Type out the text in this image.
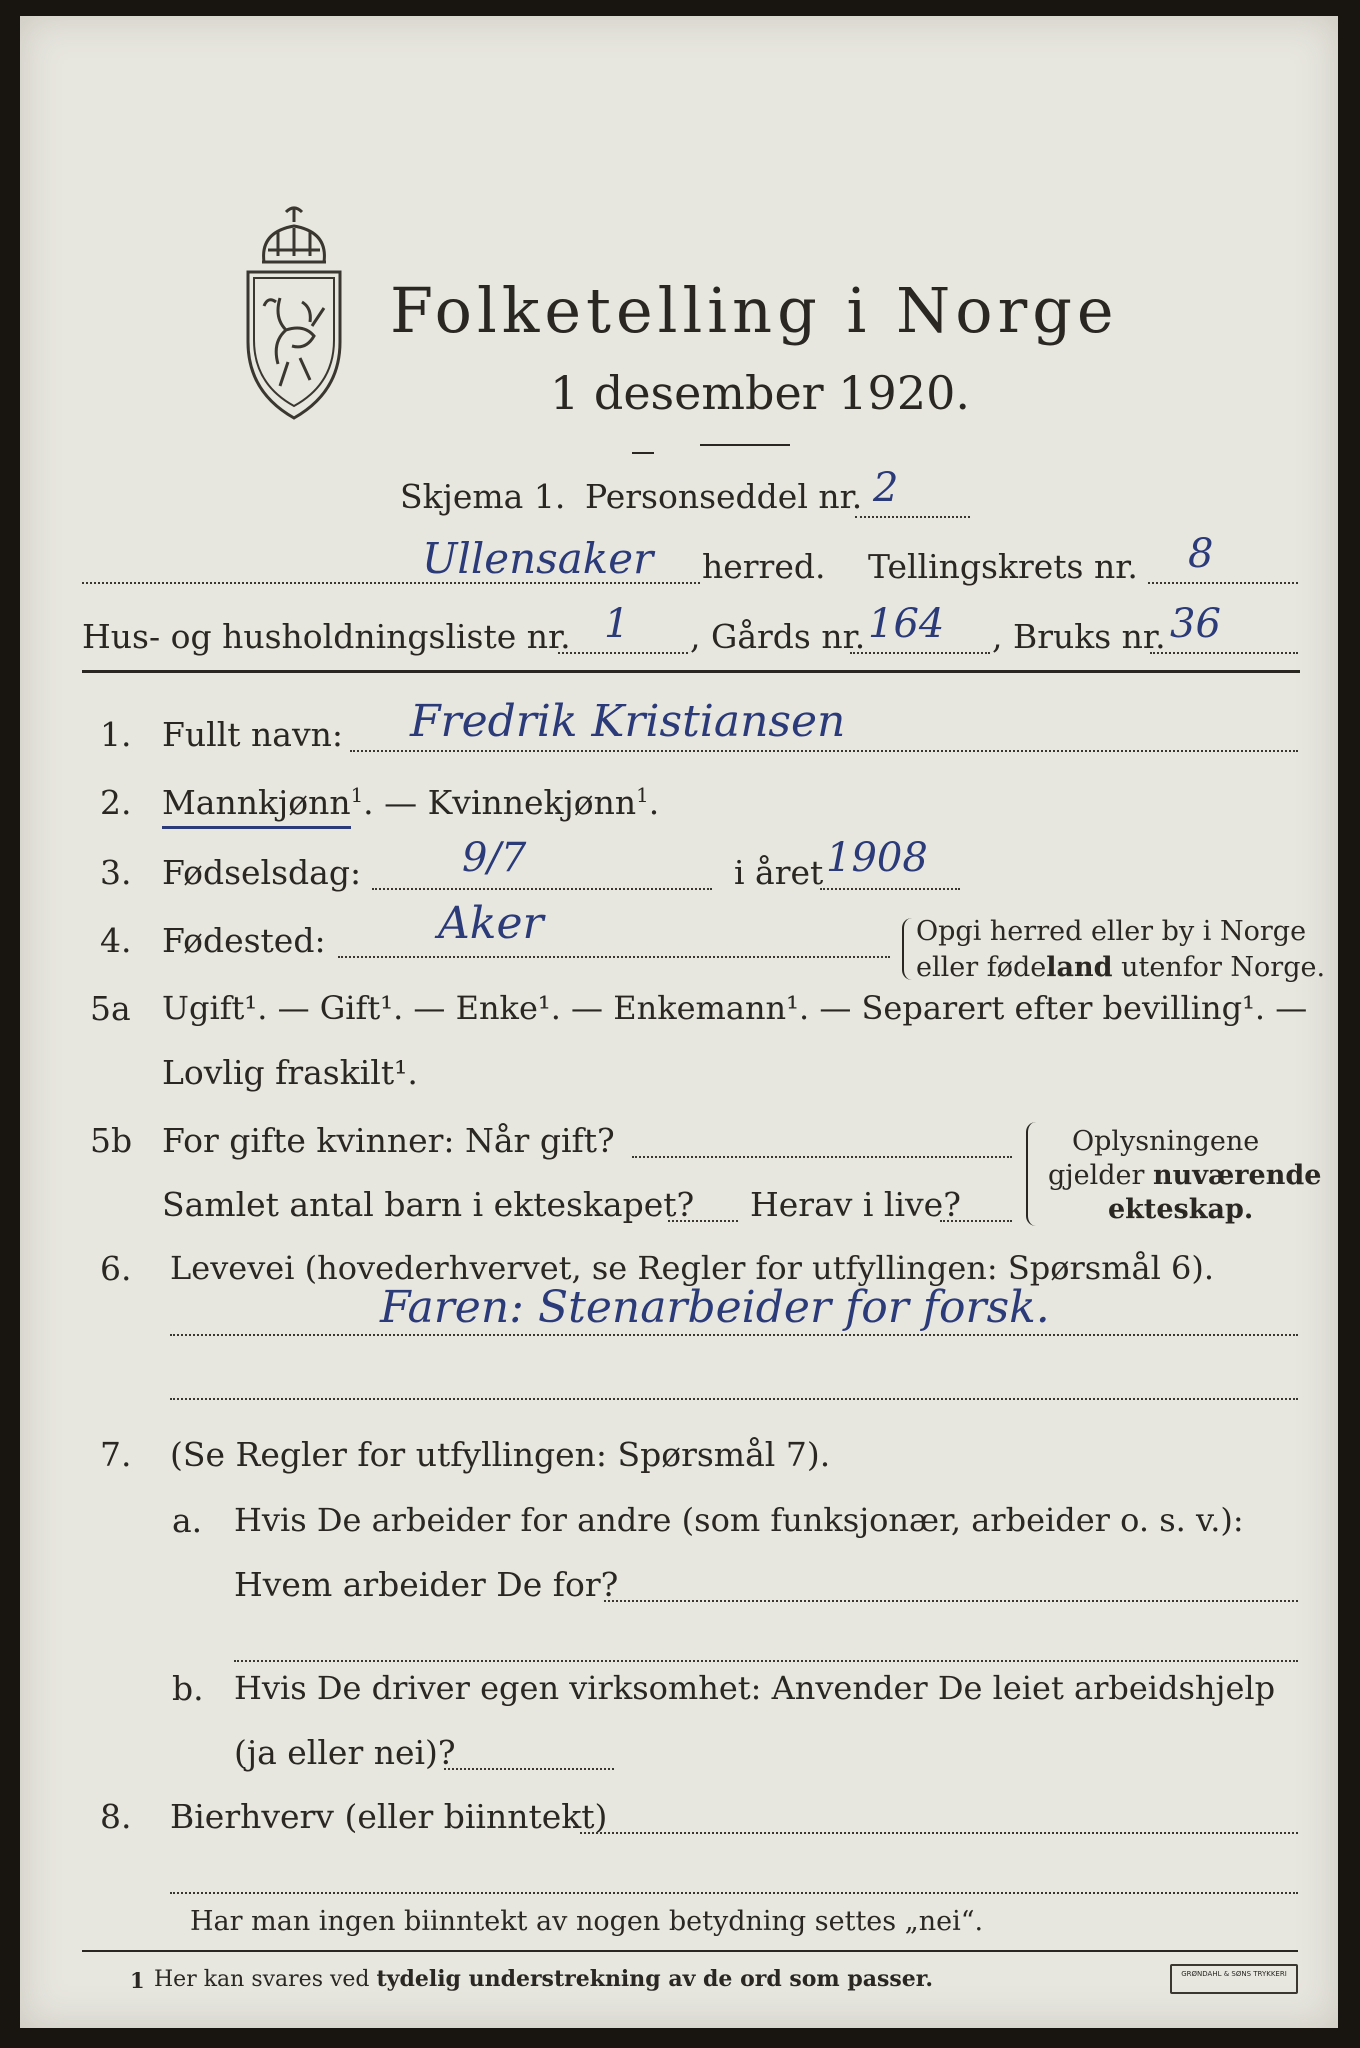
Folketelling i Norge
1 desember 1920.
Skjema 1. Personseddel nr. 2
Ullensaker herred. Tellingskrets nr. 8
Hus- og husholdningsliste nr. 1 , Gårds nr. 164 , Bruks nr. 36
1. Fullt navn: Fredrik Kristiansen
2. Mannkjønn$^1$. — Kvinnekjønn$^1$.
3. Fødselsdag:	9/7	i året 1908
4. Fødested:	Aker	Opgi herred eller by i Norge
eller fødeland utenfor Norge.
5a Ugift¹. — Gift¹. — Enke¹. — Enkemann¹. — Separert efter bevilling¹. —
Lovlig fraskilt¹.
5b For gifte kvinner: Når gift?
Samlet antal barn i ekteskapet? Herav i live?
Oplysningene
gjelder nuværende
ekteskap.
6. Levevei (hovederhvervet, se Regler for utfyllingen: Spørsmål 6).
Faren: Stenarbeider for forsk.
7. (Se Regler for utfyllingen: Spørsmål 7).
a. Hvis De arbeider for andre (som funksjonær, arbeider o. s. v.):
Hvem arbeider De for?
b. Hvis De driver egen virksomhet: Anvender De leiet arbeidshjelp
(ja eller nei)?
8. Bierhverv (eller biinntekt)
Har man ingen biinntekt av nogen betydning settes „nei“.
1 Her kan svares ved tydelig understrekning av de ord som passer.	GRØNDAHL & SØNS TRYKKERI
